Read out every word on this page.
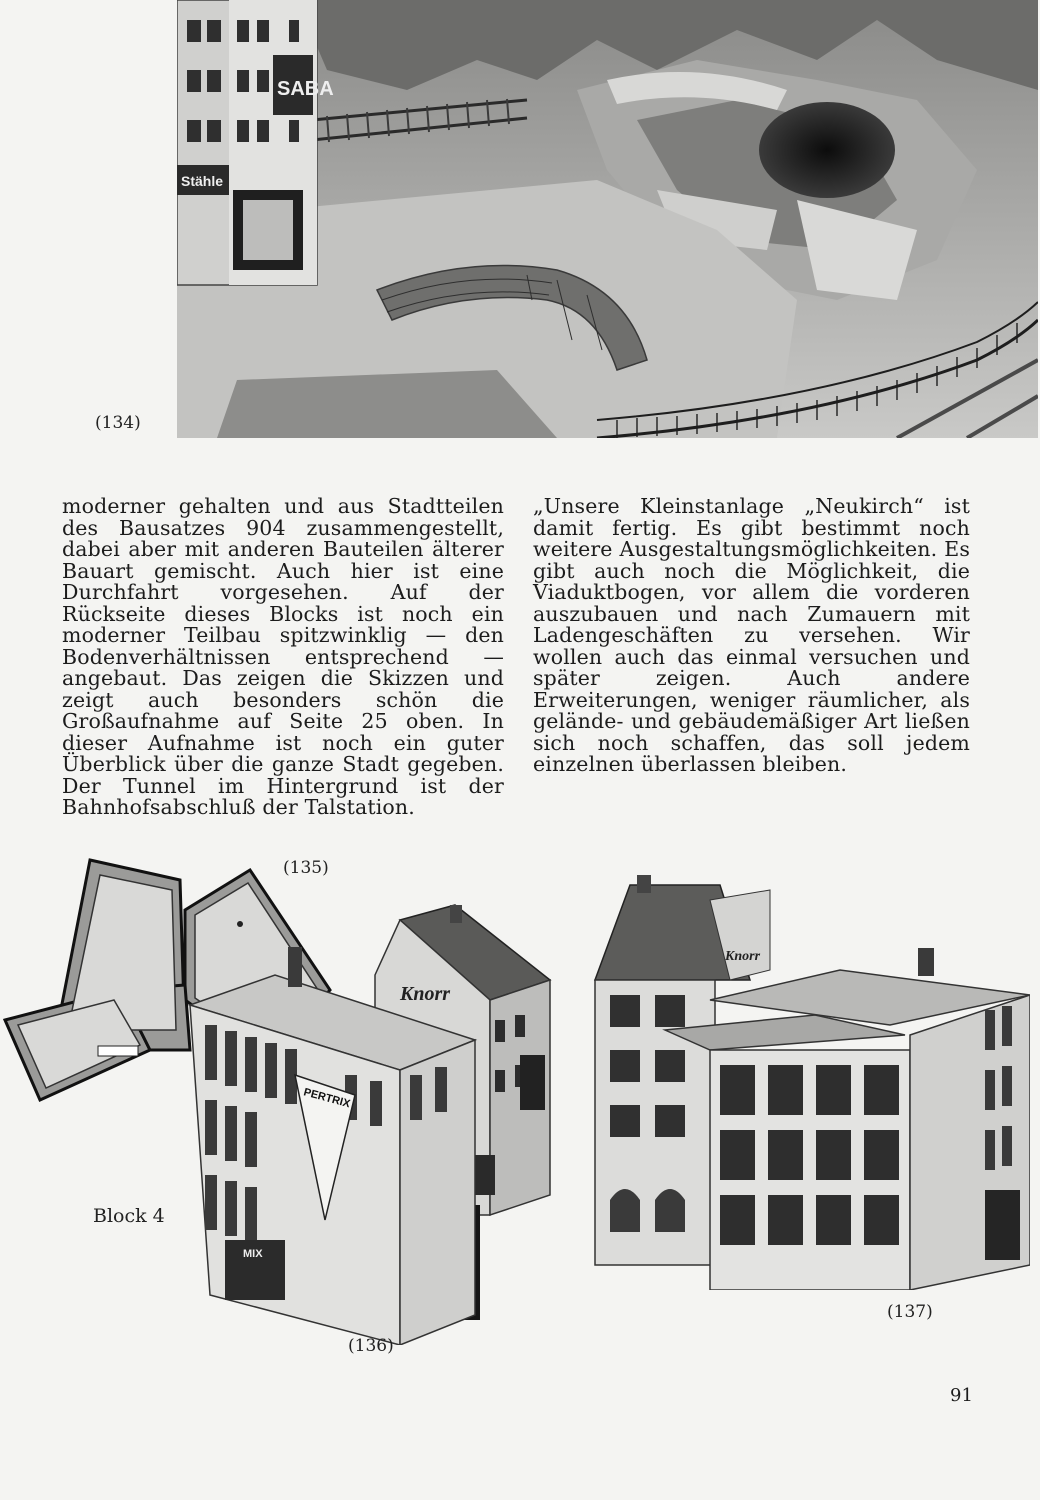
SABA
Stähle
(134)

moderner gehalten und aus Stadtteilen des Bausatzes 904 zusammengestellt, dabei aber mit anderen Bauteilen älterer Bauart gemischt. Auch hier ist eine Durchfahrt vorgesehen. Auf der Rückseite dieses Blocks ist noch ein moderner Teilbau spitzwinklig — den Bodenverhältnissen entsprechend — angebaut. Das zeigen die Skizzen und zeigt auch besonders schön die Großaufnahme auf Seite 25 oben. In dieser Aufnahme ist noch ein guter Überblick über die ganze Stadt gegeben. Der Tunnel im Hintergrund ist der Bahnhofsabschluß der Talstation.

„Unsere Kleinstanlage „Neukirch“ ist damit fertig. Es gibt bestimmt noch weitere Ausgestaltungsmöglichkeiten. Es gibt auch noch die Möglichkeit, die Viaduktbogen, vor allem die vorderen auszubauen und nach Zumauern mit Ladengeschäften zu versehen. Wir wollen auch das einmal versuchen und später zeigen. Auch andere Erweiterungen, weniger räumlicher, als gelände- und gebäudemäßiger Art ließen sich noch schaffen, das soll jedem einzelnen überlassen bleiben.

(135)
Knorr
PERTRIX
MIX
Block 4
(136)
Knorr
(137)
91
